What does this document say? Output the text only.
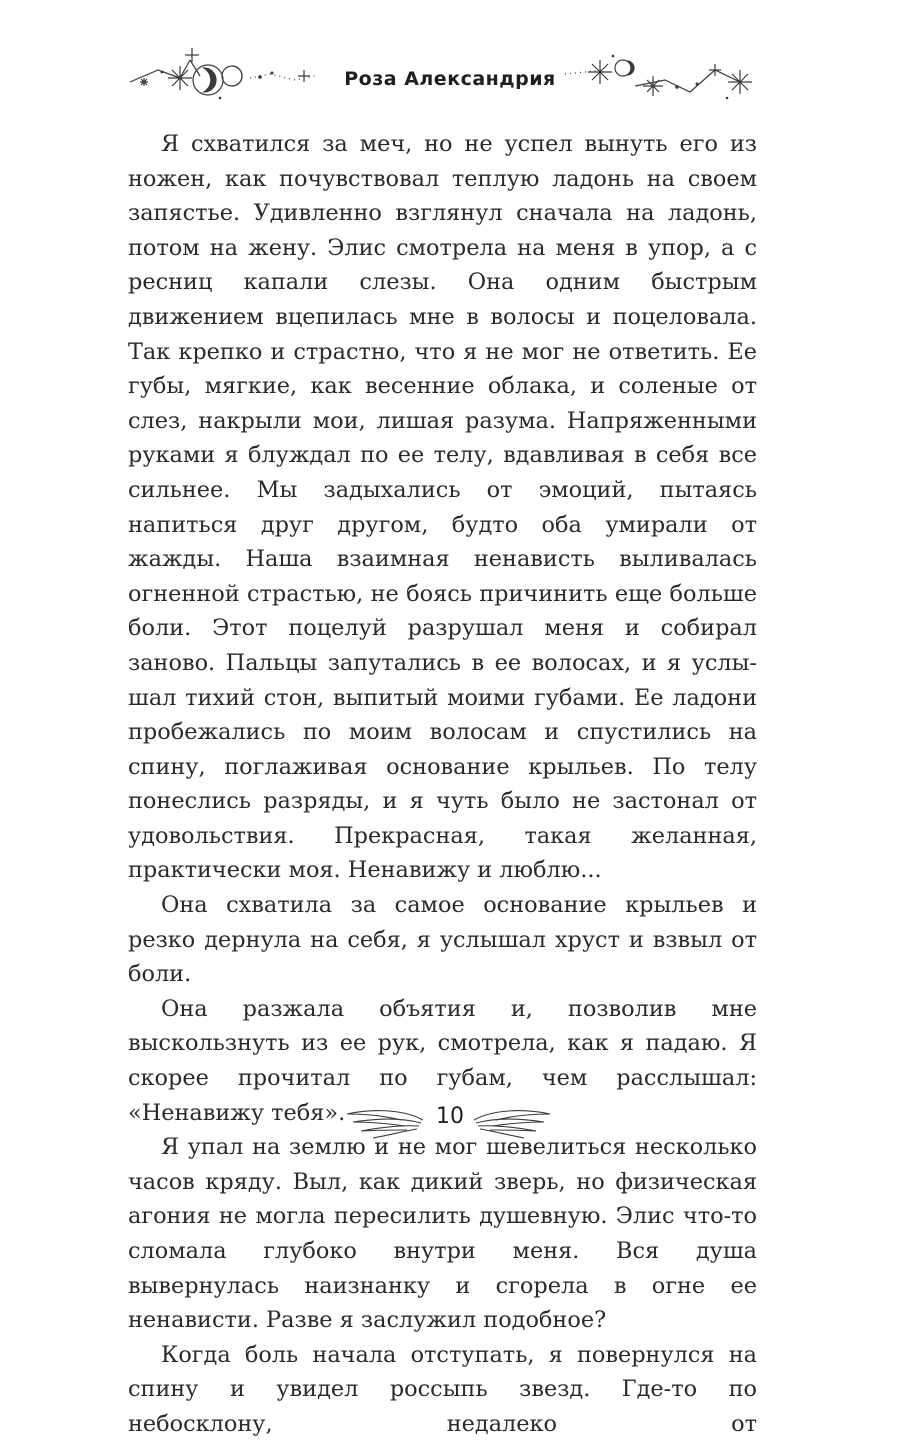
Роза Александрия

Я схватился за меч, но не успел вынуть его из ножен, как почувствовал теплую ладонь на своем запястье. Удивленно взглянул сначала на ладонь, потом на жену. Элис смотрела на меня в упор, а с ресниц капали слезы. Она одним быстрым движением вцепилась мне в волосы и поцеловала. Так крепко и страстно, что я не мог не ответить. Ее губы, мягкие, как весенние облака, и соленые от слез, накрыли мои, лишая разума. Напряженными руками я блуждал по ее телу, вдавливая в себя все сильнее. Мы задыхались от эмоций, пытаясь напиться друг другом, будто оба умирали от жажды. Наша взаимная ненависть выливалась огненной страстью, не боясь причинить еще больше боли. Этот поцелуй разрушал меня и собирал заново. Пальцы запутались в ее волосах, и я услышал тихий стон, выпитый моими губами. Ее ладони пробежались по моим волосам и спустились на спину, поглаживая основание крыльев. По телу понеслись разряды, и я чуть было не застонал от удовольствия. Прекрасная, такая желанная, практически моя. Ненавижу и люблю...

Она схватила за самое основание крыльев и резко дернула на себя, я услышал хруст и взвыл от боли.

Она разжала объятия и, позволив мне выскользнуть из ее рук, смотрела, как я падаю. Я скорее прочитал по губам, чем расслышал: «Ненавижу тебя».

Я упал на землю и не мог шевелиться несколько часов кряду. Выл, как дикий зверь, но физическая агония не могла пересилить душевную. Элис что-то сломала глубоко внутри меня. Вся душа вывернулась наизнанку и сгорела в огне ее ненависти. Разве я заслужил подобное?

Когда боль начала отступать, я повернулся на спину и увидел россыпь звезд. Где-то по небосклону, недалеко от

10
